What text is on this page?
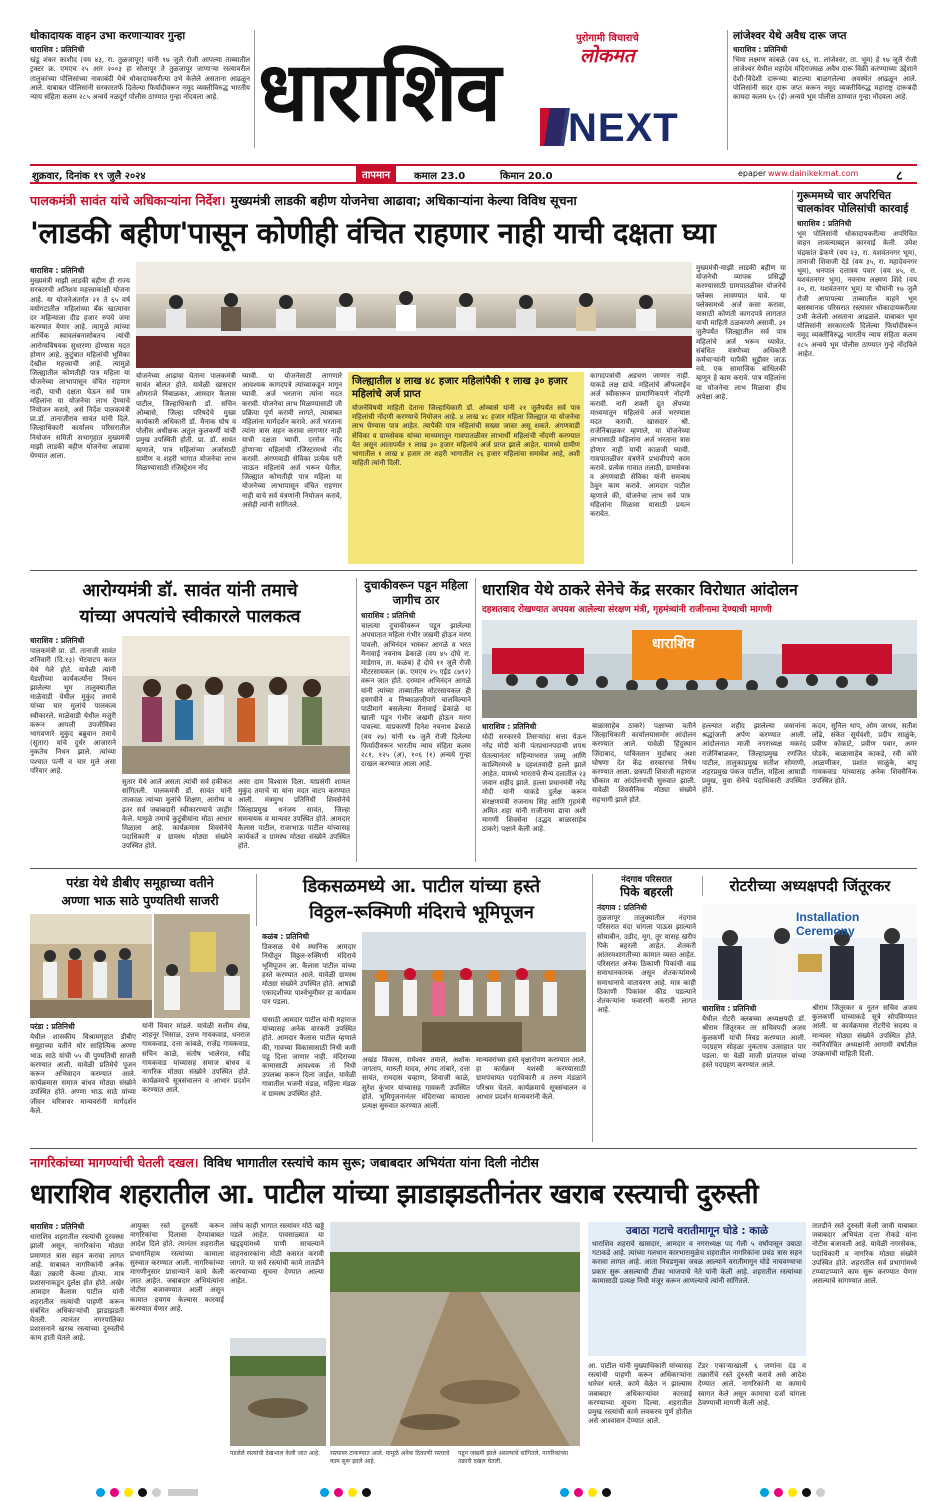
धोकादायक वाहन उभा करणाऱ्यावर गुन्हा
धाराशिव : प्रतिनिधी
खंडू शंकर काशीद (वय ४३, रा. तुळजापूर) यांनी १७ जुलै रोजी आपल्या ताब्यातील ट्रक्टर क्र. एमएच २५ आर २००३ हा सोलापूर ते तुळजापूर जाणाऱ्या रस्त्यावरील तालुकांच्या पोलिसांच्या नाकाबंदी येथे धोकादायकरीत्या उभे केलेले असताना आढळून आले. याबाबत पोलिसांनी सरकारतर्फे दिलेल्या फिर्यादीवरून नमूद व्यक्तीविरुद्ध भारतीय न्याय संहिता कलम २८५ अन्वये नळदुर्ग पोलीस ठाण्यात गुन्हा नोंदवला आहे.
पुरोगामी विचाराचे
लोकमत
धाराशिव NEXT
लांजेश्वर येथे अवैध दारू जप्त
धाराशिव : प्रतिनिधी
भिमा लक्ष्मण कांबळे (वय ६६, रा. लांजेश्वर, ता. भूम) हे १७ जुलै रोजी लांजेश्वर येथील महादेव मंदिराजवळ अवैध दारू विक्री करण्याच्या उद्देशाने देशी-विदेशी दारूच्या बाटल्या बाळगलेल्या अवस्थेत आढळून आले. पोलिसांनी सदर दारू जप्त करून नमूद व्यक्तीविरुद्ध महाराष्ट्र दारूबंदी कायदा कलम ६५ (ई) अन्वये भूम पोलीस ठाण्यात गुन्हा नोंदवला आहे.
शुक्रवार, दिनांक १९ जुलै २०२४	तापमान	कमाल 23.0	किमान 20.0	epaper www.dainikekmat.com	८
पालकमंत्री सावंत यांचे अधिकाऱ्यांना निर्देश। मुख्यमंत्री लाडकी बहीण योजनेचा आढावा; अधिकाऱ्यांना केल्या विविध सूचना
'लाडकी बहीण'पासून कोणीही वंचित राहणार नाही याची दक्षता घ्या
धाराशिव : प्रतिनिधी
मुख्यमंत्री माझी लाडकी बहीण ही राज्य सरकारची अतिशय महत्त्वाकांक्षी योजना आहे. या योजनेअंतर्गत २१ ते ६५ वर्ष वयोगटातील महिलांच्या बँक खात्यावर दर महिन्याला दीड हजार रुपये जमा करण्यात येणार आहे. त्यामुळे त्यांच्या आर्थिक स्वावलंबनासोबतच त्यांची आरोग्यविषयक सुधारणा होण्यास मदत होणार आहे. कुटुंबात महिलांची भूमिका देखील महत्त्वाची आहे. त्यामुळे जिल्ह्यातील कोणतीही पात्र महिला या योजनेच्या लाभापासून वंचित राहणार नाही, याची दक्षता घेऊन सर्व पात्र महिलांना या योजनेचा लाभ देण्याचे नियोजन करावे, असे निर्देश पालकमंत्री प्रा.डॉ. तानाजीराव सावंत यांनी दिले. जिल्हाधिकारी कार्यालय परिसरातील नियोजन समिती सभागृहात मुख्यमंत्री माझी लाडकी बहीण योजनेचा आढावा घेण्यात आला.
योजनेच्या आढावा घेताना पालकमंत्री सावंत बोलत होते. यावेळी खासदार ओमराजे निंबाळकर, आमदार कैलास पाटील, जिल्हाधिकारी डॉ. सचिन ओम्बासे, जिल्हा परिषदेचे मुख्य कार्यकारी अधिकारी डॉ. मैनाक घोष व पोलीस अधीक्षक अतुल कुलकर्णी यांची प्रमुख उपस्थिती होती. प्रा. डॉ. सावंत म्हणाले, पात्र महिलांच्या अर्जासाठी ग्रामीण व शहरी भागात योजनेचा लाभ मिळण्यासाठी रजिस्ट्रेशन नोंद
घ्यावी. या योजनेसाठी लागणारे आवश्यक कागदपत्रे त्यांच्याकडून मागून घ्यावी. अर्ज भरताना त्यांना मदत करावी. योजनेचा लाभ मिळण्यासाठी जी प्रक्रिया पूर्ण करावी लागते, त्याबाबत महिलांना मार्गदर्शन करावे. अर्ज भरताना त्यांना त्रास सहन करावा लागणार नाही याची दक्षता घ्यावी. दररोज नोंद होणाऱ्या महिलांची रजिस्टरमध्ये नोंद करावी. अंगणवाडी सेविका प्रत्येक घरी जाऊन महिलांचे अर्ज भरून घेतील. जिल्ह्यात कोणतीही पात्र महिला या योजनेच्या लाभापासून वंचित राहणार नाही याचे सर्व यंत्रणांनी नियोजन करावे, असेही त्यांनी सांगितले.
जिल्ह्यातील ४ लाख ४८ हजार महिलांपैकी १ लाख ३० हजार महिलांचे अर्ज प्राप्त
योजनेविषयी माहिती देताना जिल्हाधिकारी डॉ. ओम्बासे यांनी २१ जुलैपर्यंत सर्व पात्र महिलांची नोंदणी करण्याचे नियोजन आहे. ४ लाख ४८ हजार महिला जिल्ह्यात या योजनेचा लाभ घेण्यास पात्र आहेत. त्यापैकी पात्र महिलांची सख्या जास्त असू शकते. अंगणवाडी सेविका व ग्रामसेवक यांच्या माध्यमातून गावपातळीवर लाभार्थी महिलांची नोंदणी करण्यात येत असून आतापर्यंत १ लाख ३० हजार महिलांचे अर्ज प्राप्त झाले आहेत. यामध्ये ग्रामीण भागातील १ लाख ४ हजार तर शहरी भागातील २६ हजार महिलांचा समावेश आहे, अशी माहिती त्यांनी दिली.
कागदपत्रांची अडचण जाणार नाही. याकडे लक्ष द्यावे. महिलांचे ऑफलाईन अर्ज स्वीकारून प्रामाणिकपणे नोंदणी करावी. नारी शक्ती दूत ॲपच्या माध्यमातून महिलांचे अर्ज भरण्यास मदत करावी. खासदार श्री. राजेनिंबाळकर म्हणाले, या योजनेच्या लाभासाठी महिलांना अर्ज भरताना त्रास होणार नाही याची काळजी घ्यावी. गावपातळीवर यंत्रणेने प्रभावीपणे काम करावे. प्रत्येक गावात तलाठी, ग्रामसेवक व अंगणवाडी सेविका यांनी समन्वय ठेवून काम करावे. आमदार पाटील म्हणाले की, योजनेचा लाभ सर्व पात्र महिलांना मिळावा यासाठी प्रयत्न करावेत.
मुख्यमंत्री-माझी लाडकी बहीण या योजनेची व्यापक प्रसिद्धी करण्यासाठी ग्रामपातळीवर योजनेचे फ्लेक्स लावण्यात यावे. या फ्लेक्समध्ये अर्ज कसा करावा, यासाठी कोणती कागदपत्रे लागतात याची माहिती ठळकपणे असावी. ३१ जुलैपर्यंत जिल्ह्यातील सर्व पात्र महिलांचे अर्ज भरून घ्यावेत. संबंधित यंत्रणेच्या अधिकारी कर्मचाऱ्यांनी यापैकी सुट्टीवर जाऊ नये. एक सामाजिक बांधिलकी म्हणून हे काम करावे. पात्र महिलांना या योजनेचा लाभ मिळावा हीच अपेक्षा आहे.
गुरूममध्ये चार अपरिचित चालकांवर पोलिसांची कारवाई
धाराशिव : प्रतिनिधी
भूम पोलिसांनी धोकादायकरीत्या अपरिचित वाहन लावल्याबद्दल कारवाई केली. उमेश चंद्रकांत ढेकणे (वय २३, रा. यशवंतनगर भूम), तानाजी शिवाजी देडे (वय ३५, रा. महादेवनगर भूम), धनपाल दत्तात्रय पवार (वय ४५, रा. यशवंतनगर भूम), नवनाथ लक्ष्मण शिंदे (वय २०, रा. यशवंतनगर भूम) या चौघांनी १७ जुलै रोजी आपापल्या ताब्यातील वाहने भूम बसस्थानक परिसरात रस्त्यावर धोकादायकरीत्या उभी केलेली असताना आढळले. याबाबत भूम पोलिसांनी सरकारतर्फे दिलेल्या फिर्यादीवरून नमूद व्यक्तींविरुद्ध भारतीय न्याय संहिता कलम २८५ अन्वये भूम पोलीस ठाण्यात गुन्हे नोंदविले आहेत.
आरोग्यमंत्री डॉ. सावंत यांनी तमाचे
यांच्या अपत्यांचे स्वीकारले पालकत्व
धाराशिव : प्रतिनिधी
पालकमंत्री प्रा. डॉ. तानाजी सावंत शनिवारी (दि.१३) भेटवाटप करत येथे गेले होते. यावेळी त्यांनी येडशीच्या कार्यकर्त्यांना निधन झालेल्या भूम तालुक्यातील माळेवाडी येथील मुकुंद तमाचे यांच्या चार मुलांचे पालकत्व स्वीकारले. माळेवाडी येथील मजुरी करून आपली उपजीविका भागवणारे मुकुंद बब्रुवान तमाचे (सुतार) यांचे दुर्धर आजाराने नुकतेच निधन झाले. त्यांच्या पश्चात पत्नी व चार मुले असा परिवार आहे.
सुतार येथे आले असता त्यांची सर्व हकीकत सांगितली. पालकमंत्री डॉ. सावंत यांनी तात्काळ त्यांच्या मुलांचे शिक्षण, आरोग्य व इतर सर्व जबाबदारी स्वीकारण्याचे जाहीर केले. यामुळे तमाचे कुटुंबीयांना मोठा आधार मिळाला आहे. कार्यक्रमास शिवसेनेचे पदाधिकारी व ग्रामस्थ मोठ्या संख्येने उपस्थित होते.
असा दाम विश्वास दिला. याप्रसंगी शामल मुकुंद तमाचे या यांना मदत वाटप करण्यात आली. मंत्रमुग्ध प्रतिनिधी शिवसेनेचे जिल्हाप्रमुख धनंजय सावंत, जिल्हा समन्वयक व मान्यवर उपस्थित होते. आमदार कैलास पाटील, राजाभाऊ पाटील यांच्यासह कार्यकर्ते व ग्रामस्थ मोठ्या संख्येने उपस्थित होते.
दुचाकीवरून पडून महिला जागीच ठार
धाराशिव : प्रतिनिधी
चालत्या दुचाकीवरून पडून झालेल्या अपघातात महिला गंभीर जखमी होऊन मरण पावली. अभिनंदन भास्कर आगळे व भरत मैनावाई नवनाथ ढेकाळे (वय ४५ दोघे रा. माडेगाव, ता. कळंब) हे दोघे ११ जुलै रोजी मोटरसायकल (क्र. एमएच २५ एईड ८७९२) वरून जात होते. दरम्यान अभिनंदन आगळे यांनी त्यांच्या ताब्यातील मोटरसायकल ही हयगयीने व निष्काळजीपणे चालविल्याने पाठीमागे बसलेल्या मैनावाई ढेकाळे या खाली पडून गंभीर जखमी होऊन मरण पावल्या. याप्रकरणी दिनेश नवनाथ ढेकाळे (वय २७) यांनी १७ जुलै रोजी दिलेल्या फिर्यादीवरून भारतीय न्याय संहिता कलम २८१, १२५ (अ), १०६ (१) अन्वये गुन्हा दाखल करण्यात आला आहे.
धाराशिव येथे ठाकरे सेनेचे केंद्र सरकार विरोधात आंदोलन
दहशतवाद रोखण्यात अपयश आलेल्या संरक्षण मंत्री, गृहमंत्र्यांनी राजीनामा देण्याची मागणी
धाराशिव
धाराशिव : प्रतिनिधी
मोदी सरकारचे तिसऱ्यांदा सत्ता येऊन नरेंद्र मोदी यांनी पंतप्रधानपदाची शपथ घेतल्यानंतर महिन्याभरात जम्मू आणि काश्मिरमध्ये ७ दहशतवादी हल्ले झाले आहेत. यामध्ये भारताचे सैन्य दलातील २३ जवान शहीद झाले. हल्ला प्रधानमंत्री नरेंद्र मोदी यांनी याकडे दुर्लक्ष करून संरक्षणमंत्री राजनाथ सिंह आणि गृहमंत्री अमित शहा यांनी राजीनामा द्यावा अशी मागणी शिवसेना (उद्धव बाळासाहेब ठाकरे) पक्षाने केली आहे.
बाळासाहेब ठाकरे) पक्षाच्या वतीने जिल्हाधिकारी कार्यालयासमोर आंदोलन करण्यात आले. यावेळी हिंदुस्थान जिंदाबाद, पाकिस्तान मुर्दाबाद अशा घोषणा देत केंद्र सरकारचा निषेध करण्यात आला. छत्रपती शिवाजी महाराज चौकात या आंदोलनाची सुरुवात झाली. यावेळी शिवसैनिक मोठ्या संख्येने सहभागी झाले होते.
हल्ल्यात शहीद झालेल्या जवानांना श्रद्धांजली अर्पण करण्यात आली. आंदोलनात माजी नगराध्यक्ष मकरंद राजेनिंबाळकर, जिल्हाप्रमुख रणजित पाटील, तालुकाप्रमुख सतीश सोमाणी, शहरप्रमुख पंकज पाटील, महिला आघाडी प्रमुख, युवा सेनेचे पदाधिकारी उपस्थित होते.
कदम, सुनिल थाप, ओम जाधव, सतीश लोंढे, संकेत सूर्यवंशी, प्रदीप साळुंके, प्रवीण कोकाटे, प्रवीण पवार, अमर घोडके, बाळासाहेब काकडे, रवी कोरे आळणीकर, प्रशांत साळुंके, बापू गायकवाड यांच्यासह अनेक शिवसैनिक उपस्थित होते.
परंडा येथे डीबीए समूहाच्या वतीने
अण्णा भाऊ साठे पुण्यतिथी साजरी
परंडा : प्रतिनिधी
येथील शासकीय विश्रामगृहात डीबीए समूहाच्या वतीने थोर साहित्यिक अण्णा भाऊ साठे यांची ५५ वी पुण्यतिथी साजरी करण्यात आली. यावेळी प्रतिमेचे पूजन करून अभिवादन करण्यात आले. कार्यक्रमास समाज बांधव मोठ्या संख्येने उपस्थित होते. अण्णा भाऊ साठे यांच्या जीवन चरित्रावर मान्यवरांनी मार्गदर्शन केले.
यांनी विचार मांडले. यावेळी सलीम शेख, शाहनूर भिसाळ, उत्तम गायकवाड, धनराज गायकवाड, दत्ता कांबळे, राजेंद्र गायकवाड, सचिन काळे, संतोष भालेराव, रवींद्र गायकवाड यांच्यासह समाज बांधव व नागरिक मोठ्या संख्येने उपस्थित होते. कार्यक्रमाचे सूत्रसंचालन व आभार प्रदर्शन करण्यात आले.
डिकसळमध्ये आ. पाटील यांच्या हस्ते
विठ्ठल-रूक्मिणी मंदिराचे भूमिपूजन
कळंब : प्रतिनिधी
डिकसळ येथे स्थानिक आमदार निधीतून विठ्ठल-रुक्मिणी मंदिराचे भूमिपूजन आ. कैलास पाटील यांच्या हस्ते करण्यात आले. यावेळी ग्रामस्थ मोठ्या संख्येने उपस्थित होते. आषाढी एकादशीच्या पार्श्वभूमीवर हा कार्यक्रम पार पडला.
यासाठी आमदार पाटील यांनी महाराज यांच्यासह अनेक वारकरी उपस्थित होते. आमदार कैलास पाटील म्हणाले की, गावच्या विकासासाठी निधी कमी पडू दिला जाणार नाही. मंदिराच्या कामासाठी आवश्यक तो निधी उपलब्ध करून दिला जाईल. यावेळी गावातील भजनी मंडळ, महिला मंडळ व ग्रामस्थ उपस्थित होते.
अखंड विकास, रामेश्वर तमाले, अशोक जगताप, मारुती यादव, अंगद तांबारे, दत्ता सावंत, रामदास चव्हाण, शिवाजी काळे, सुरेश कुंभार यांच्यासह गावकरी उपस्थित होते. भूमिपूजनानंतर मंदिराच्या कामाला प्रत्यक्ष सुरुवात करण्यात आली.
मान्यवरांच्या हस्ते वृक्षारोपण करण्यात आले. हा कार्यक्रम यशस्वी करण्यासाठी ग्रामपंचायत पदाधिकारी व तरुण मंडळाने परिश्रम घेतले. कार्यक्रमाचे सूत्रसंचालन व आभार प्रदर्शन मान्यवरांनी केले.
नंदगाव परिसरात
पिके बहरली
नंदगाव : प्रतिनिधी
तुळजापूर तालुक्यातील नंदगाव परिसरात यंदा चांगला पाऊस झाल्याने सोयाबीन, उडीद, मूग, तूर यासह खरीप पिके बहरली आहेत. शेतकरी आंतरमशागतीच्या कामात व्यस्त आहेत. परिसरात अनेक ठिकाणी पिकांची वाढ समाधानकारक असून शेतकऱ्यांमध्ये समाधानाचे वातावरण आहे. मात्र काही ठिकाणी पिकांवर कीड पडल्याने शेतकऱ्यांना फवारणी करावी लागत आहे.
रोटरीच्या अध्यक्षपदी जिंतूरकर
Installation Ceremony
धाराशिव : प्रतिनिधी
येथील रोटरी क्लबच्या अध्यक्षपदी डॉ. श्रीराम जिंतूरकर तर सचिवपदी अजय कुलकर्णी यांची निवड करण्यात आली. पदग्रहण सोहळा नुकताच उत्साहात पार पडला. या वेळी माजी प्रांतपाल यांच्या हस्ते पदग्रहण करण्यात आले.
श्रीराम जिंतूरकर व नूतन सचिव अजय कुलकर्णी यांच्याकडे सूत्रे सोपविण्यात आली. या कार्यक्रमास रोटरीचे सदस्य व मान्यवर मोठ्या संख्येने उपस्थित होते. नवनिर्वाचित अध्यक्षांनी आगामी वर्षातील उपक्रमांची माहिती दिली.
नागरिकांच्या मागण्यांची घेतली दखल। विविध भागातील रस्त्यांचे काम सुरू; जबाबदार अभियंता यांना दिली नोटीस
धाराशिव शहरातील आ. पाटील यांच्या झाडाझडतीनंतर खराब रस्त्याची दुरुस्ती
धाराशिव : प्रतिनिधी
धाराशिव शहरातील रस्त्यांची दुरवस्था झाली असून, नागरिकांना मोठ्या प्रमाणात त्रास सहन करावा लागत आहे. याबाबत नागरिकांनी अनेक वेळा तक्रारी केल्या होत्या. मात्र प्रशासनाकडून दुर्लक्ष होत होते. अखेर आमदार कैलास पाटील यांनी शहरातील रस्त्यांची पाहणी करून संबंधित अधिकाऱ्यांची झाडाझडती घेतली. त्यानंतर नगरपालिका प्रशासनाने खराब रस्त्यांच्या दुरुस्तीचे काम हाती घेतले आहे.
आयुक्त रस्ते दुरुस्ती करून नागरिकांचा दिलासा देण्याबाबत आदेश दिले होते. त्यानंतर शहरातील प्रभागनिहाय रस्त्यांच्या कामाला सुरुवात करण्यात आली. नागरिकांच्या मागणीनुसार प्राधान्याने कामे केली जात आहेत. जबाबदार अभियंत्यांना नोटीस बजावण्यात आली असून कामात हयगय केल्यास कारवाई करण्यात येणार आहे.
तसेच काही भागात रस्त्यांवर मोठे खड्डे पडले आहेत. पावसाळ्यात या खड्ड्यांमध्ये पाणी साचल्याने वाहनधारकांना मोठी कसरत करावी लागते. या सर्व रस्त्यांची कामे तातडीने करण्याच्या सूचना देण्यात आल्या आहेत.
पडलेले रस्त्यांची देखभाल केली जात आहे.	रस्त्यावर टाकण्यात आले. यामुळे अनेक ठिकाणी रस्त्याचे काम सुरू झाले आहे.
पडून जखमी झाले असल्याचे सांगितले. नागरिकांच्या तक्रारी दखल घेतली.
उबाठा गटाचे वरातीमागून घोडे : काळे
धाराशिव शहराचे खासदार, आमदार व नगराध्यक्ष पद गेली ५ वर्षांपासून उबाठा गटाकडे आहे. त्यांच्या गलथान कारभारामुळेच शहरातील नागरिकांना प्रचंड त्रास सहन करावा लागत आहे. आता निवडणुका जवळ आल्याने वरातीमागून घोडे नाचवण्याचा प्रकार सुरू असल्याची टीका भाजपाचे नेते यांनी केली आहे. शहरातील रस्त्यांच्या कामासाठी प्रत्यक्ष निधी मंजूर करून आणल्याचे त्यांनी सांगितले.
आ. पाटील यांनी मुख्याधिकारी यांच्यासह रस्त्यांची पाहणी करून अधिकाऱ्यांना धारेवर धरले. कामे वेळेत न झाल्यास जबाबदार अधिकाऱ्यांवर कारवाई करण्याच्या सूचना दिल्या. शहरातील प्रमुख रस्त्यांची कामे लवकरच पूर्ण होतील असे आश्वासन देण्यात आले.
टेंडर एकाऱ्याखाली ६ जणांना दंड व तक्रारींचे रस्ते दुरुस्ती करावे असे आदेश देण्यात आले. नागरिकांनी या कामाचे स्वागत केले असून कामाचा दर्जा चांगला ठेवण्याची मागणी केली आहे.
तातडीने रस्ते दुरुस्ती केली जावी याबाबत जबाबदार अभियंता दत्ता रोकडे यांना नोटीस बजावली आहे. यावेळी नगरसेवक, पदाधिकारी व नागरिक मोठ्या संख्येने उपस्थित होते. शहरातील सर्व प्रभागांमध्ये टप्प्याटप्प्याने काम सुरू करण्यात येणार असल्याचे सांगण्यात आले.
